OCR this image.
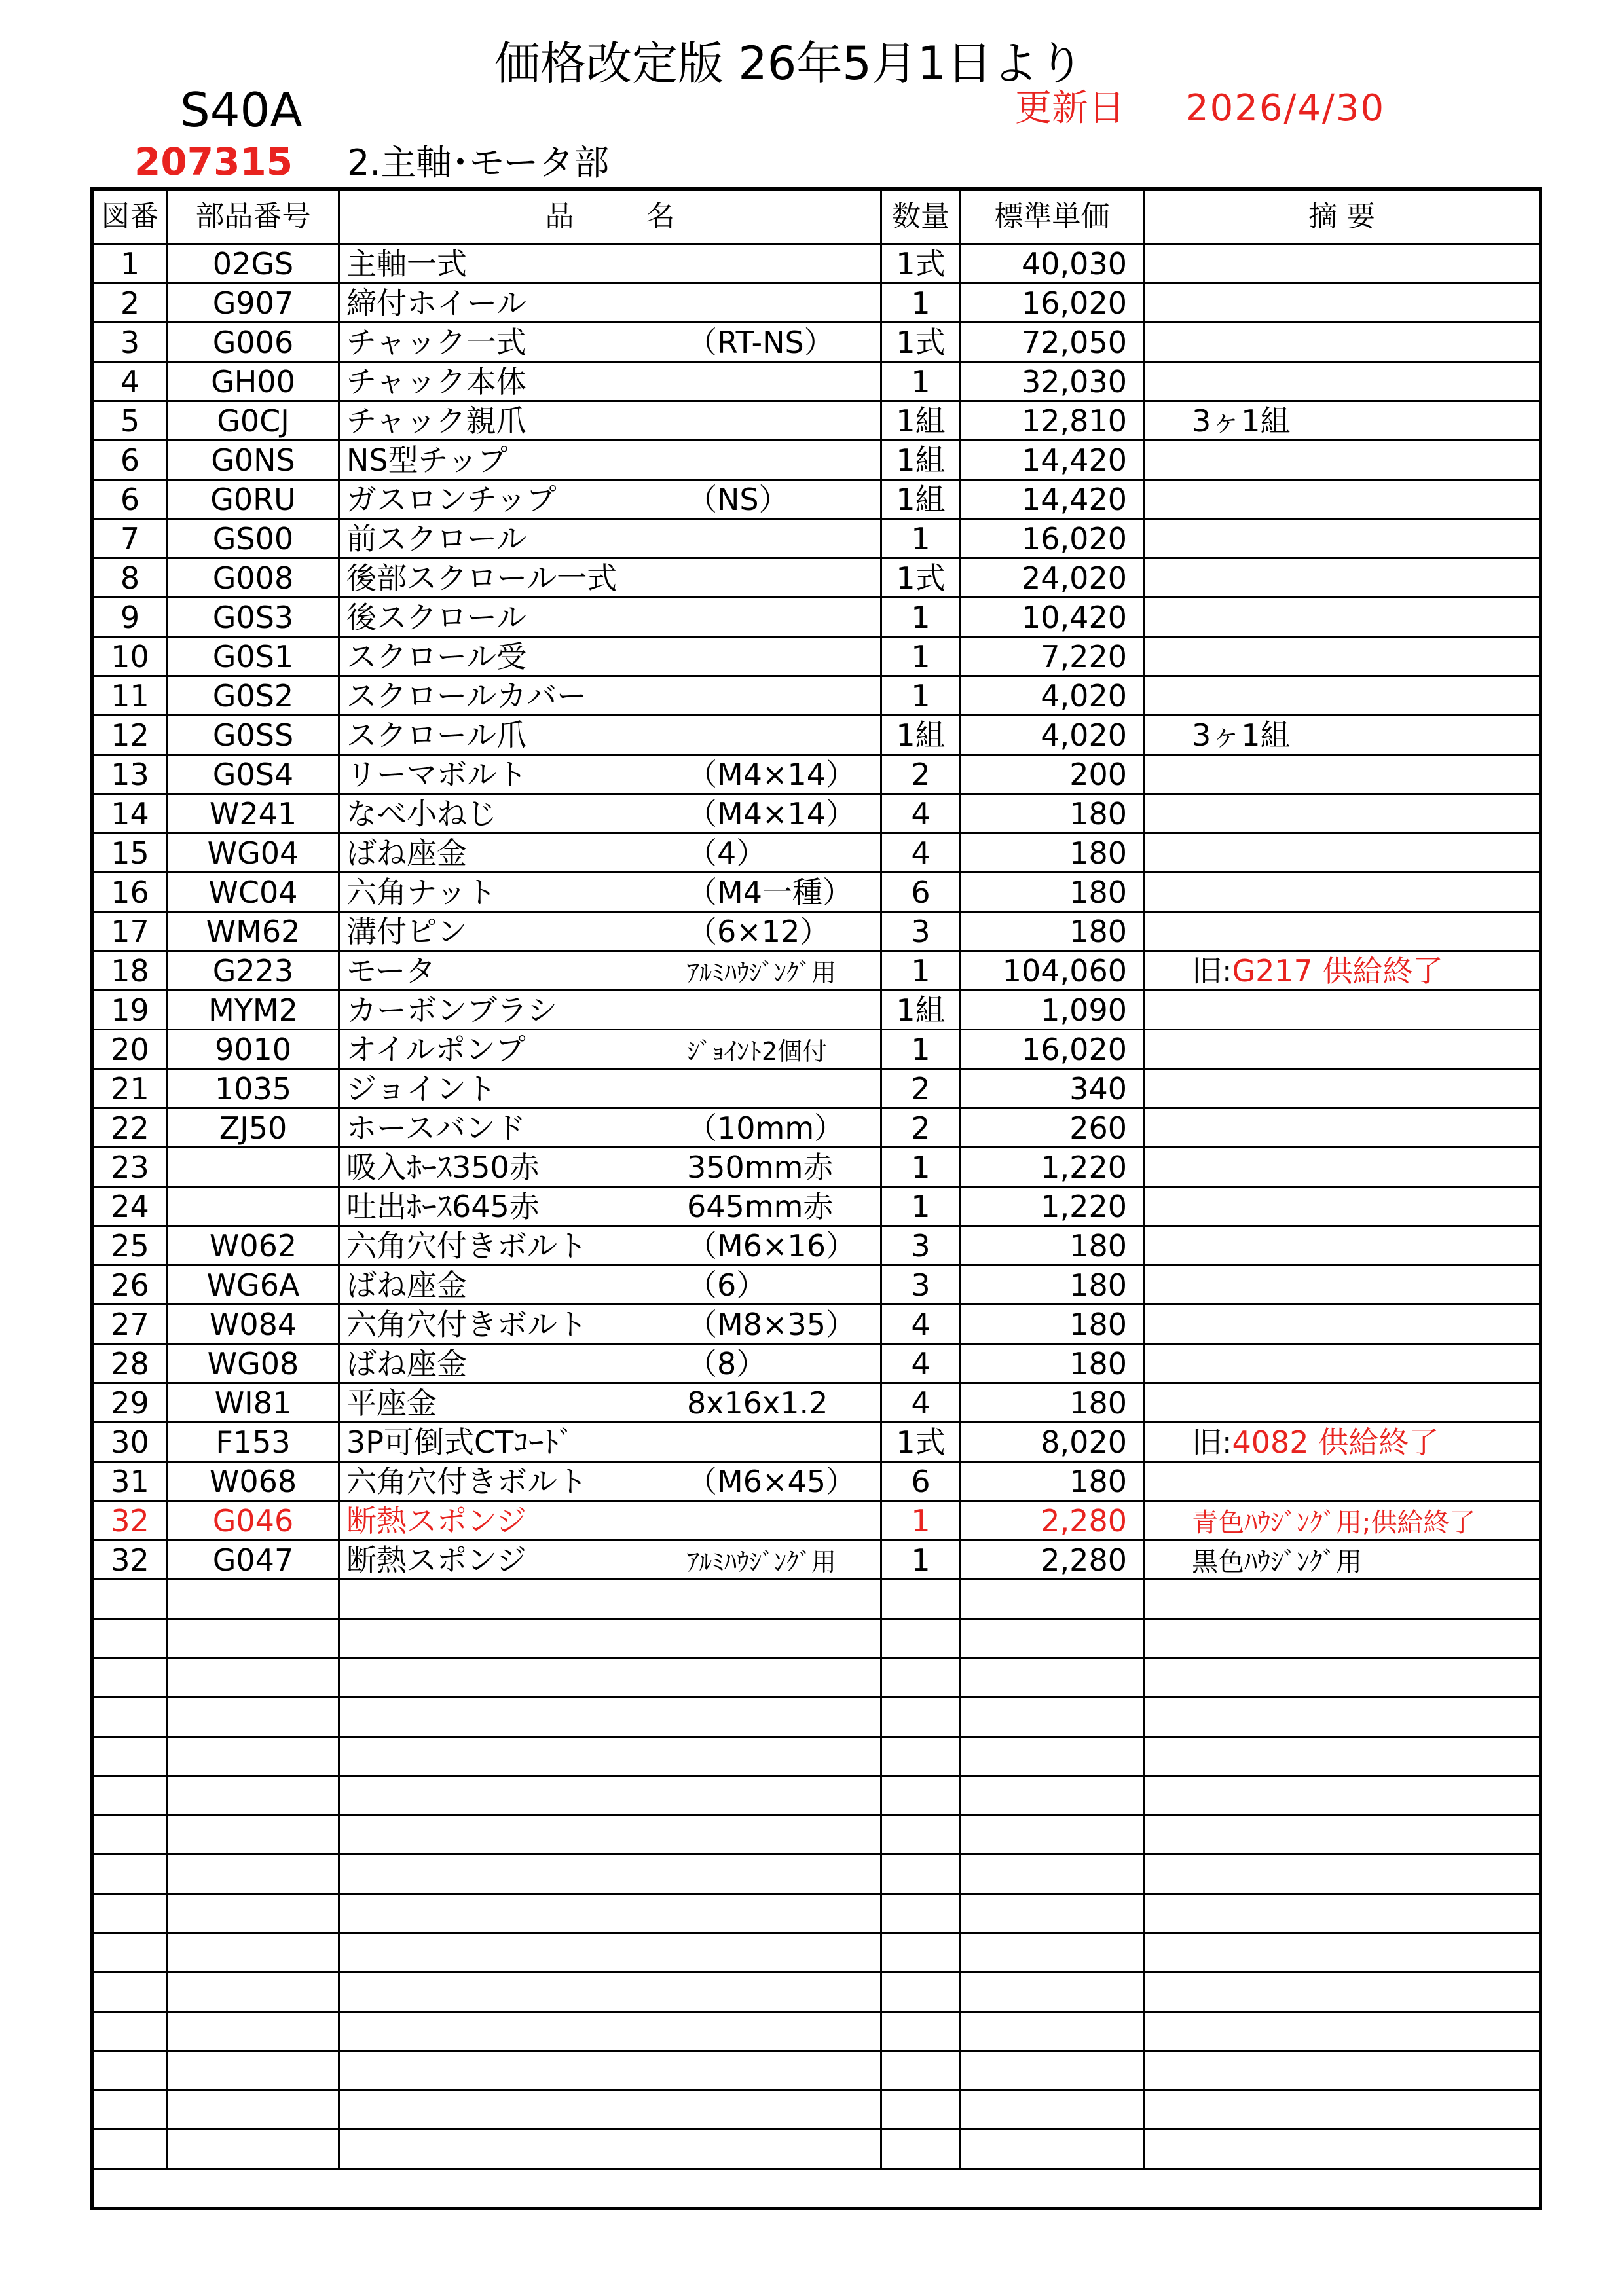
価格改定版 26年5月1日より
S40A	更新日 2026/4/30
207315 2.主軸･モータ部
図番	部品番号	品 名	数量	標準単価	摘 要
1	02GS	主軸一式	1式	40,030	
2	G907	締付ホイール	1	16,020	
3	G006	チャック一式 （RT-NS）	1式	72,050	
4	GH00	チャック本体	1	32,030	
5	G0CJ	チャック親爪	1組	12,810	3ヶ1組
6	G0NS	NS型チップ	1組	14,420	
6	G0RU	ガスロンチップ （NS）	1組	14,420	
7	GS00	前スクロール	1	16,020	
8	G008	後部スクロール一式	1式	24,020	
9	G0S3	後スクロール	1	10,420	
10	G0S1	スクロール受	1	7,220	
11	G0S2	スクロールカバー	1	4,020	
12	G0SS	スクロール爪	1組	4,020	3ヶ1組
13	G0S4	リーマボルト （M4×14）	2	200	
14	W241	なべ小ねじ （M4×14）	4	180	
15	WG04	ばね座金 （4）	4	180	
16	WC04	六角ナット （M4一種）	6	180	
17	WM62	溝付ピン （6×12）	3	180	
18	G223	モータ ｱﾙﾐﾊｳｼﾞﾝｸﾞ用	1	104,060	旧:G217 供給終了
19	MYM2	カーボンブラシ	1組	1,090	
20	9010	オイルポンプ ｼﾞｮｲﾝﾄ2個付	1	16,020	
21	1035	ジョイント	2	340	
22	ZJ50	ホースバンド （10mm）	2	260	
23		吸入ﾎｰｽ350赤 350mm赤	1	1,220	
24		吐出ﾎｰｽ645赤 645mm赤	1	1,220	
25	W062	六角穴付きボルト （M6×16）	3	180	
26	WG6A	ばね座金 （6）	3	180	
27	W084	六角穴付きボルト （M8×35）	4	180	
28	WG08	ばね座金 （8）	4	180	
29	WI81	平座金 8x16x1.2	4	180	
30	F153	3P可倒式CTｺｰﾄﾞ	1式	8,020	旧:4082 供給終了
31	W068	六角穴付きボルト （M6×45）	6	180	
32	G046	断熱スポンジ	1	2,280	青色ﾊｳｼﾞﾝｸﾞ用;供給終了
32	G047	断熱スポンジ ｱﾙﾐﾊｳｼﾞﾝｸﾞ用	1	2,280	黒色ﾊｳｼﾞﾝｸﾞ用
